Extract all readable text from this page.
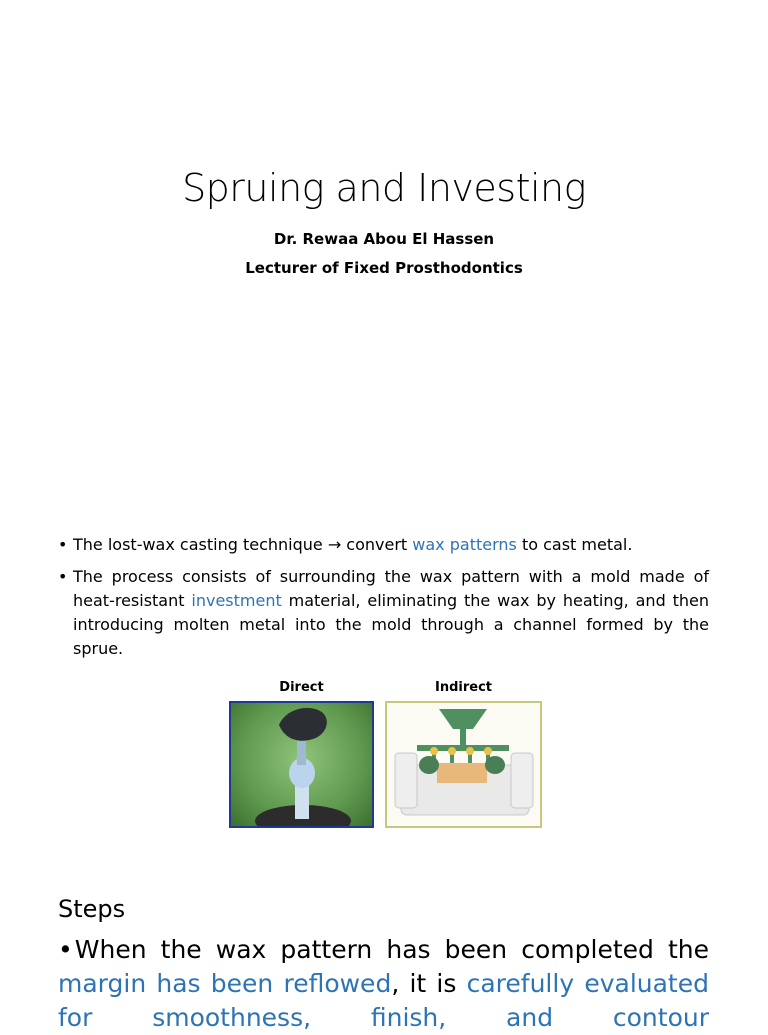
Spruing and Investing
Dr. Rewaa Abou El Hassen
Lecturer of Fixed Prosthodontics
• The lost-wax casting technique → convert wax patterns to cast metal.
• The process consists of surrounding the wax pattern with a mold made of heat-resistant investment material, eliminating the wax by heating, and then introducing molten metal into the mold through a channel formed by the sprue.
Direct	Indirect
Steps
•When the wax pattern has been completed the margin has been reflowed, it is carefully evaluated for smoothness, finish, and contour
